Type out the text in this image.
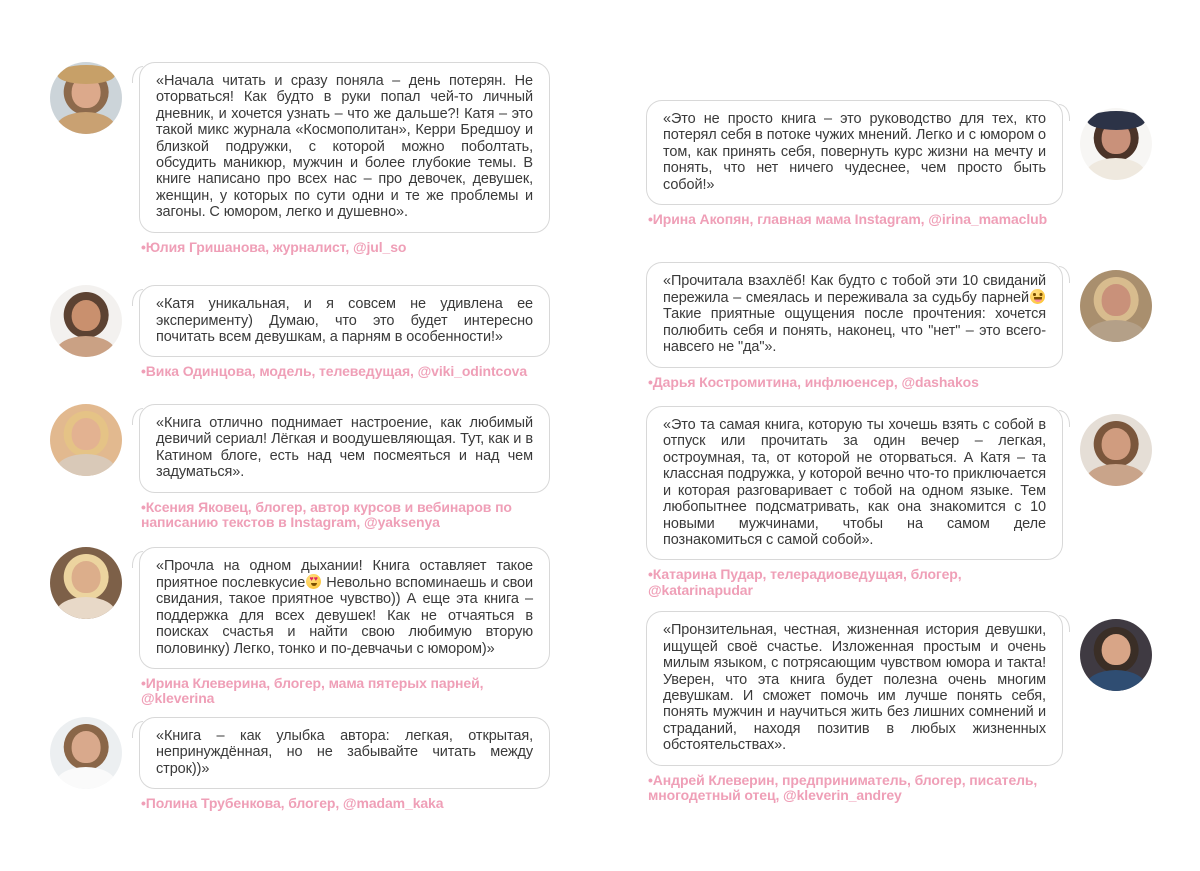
«Начала читать и сразу поняла – день потерян. Не оторваться! Как будто в руки попал чей-то личный дневник, и хочется узнать – что же дальше?! Катя – это такой микс журнала «Космополитан», Керри Бредшоу и близкой подружки, с которой можно поболтать, обсудить маникюр, мужчин и более глубокие темы. В книге написано про всех нас – про девочек, девушек, женщин, у которых по сути одни и те же проблемы и загоны. С юмором, легко и душевно».

•Юлия Гришанова, журналист, @jul_so

«Катя уникальная, и я совсем не удивлена ее эксперименту) Думаю, что это будет интересно почитать всем девушкам, а парням в особенности!»

•Вика Одинцова, модель, телеведущая, @viki_odintcova

«Книга отлично поднимает настроение, как любимый девичий сериал! Лёгкая и воодушевляющая. Тут, как и в Катином блоге, есть над чем посмеяться и над чем задуматься».

•Ксения Яковец, блогер, автор курсов и вебинаров по написанию текстов в Instagram, @yaksenya

«Прочла на одном дыхании! Книга оставляет такое приятное послевкусие♥♥ Невольно вспоминаешь и свои свидания, такое приятное чувство)) А еще эта книга – поддержка для всех девушек! Как не отчаяться в поисках счастья и найти свою любимую вторую половинку) Легко, тонко и по-девчачьи с юмором)»

•Ирина Клеверина, блогер, мама пятерых парней, @kleverina

«Книга – как улыбка автора: легкая, открытая, непринуждённая, но не забывайте читать между строк))»

•Полина Трубенкова, блогер, @madam_kaka

«Это не просто книга – это руководство для тех, кто потерял себя в потоке чужих мнений. Легко и с юмором о том, как принять себя, повернуть курс жизни на мечту и понять, что нет ничего чудеснее, чем просто быть собой!»

•Ирина Акопян, главная мама Instagram, @irina_mamaclub

«Прочитала взахлёб! Как будто с тобой эти 10 свиданий пережила – смеялась и переживала за судьбу парней Такие приятные ощущения после прочтения: хочется полюбить себя и понять, наконец, что "нет" – это всего-навсего не "да"».

•Дарья Костромитина, инфлюенсер, @dashakos

«Это та самая книга, которую ты хочешь взять с собой в отпуск или прочитать за один вечер – легкая, остроумная, та, от которой не оторваться. А Катя – та классная подружка, у которой вечно что-то приключается и которая разговаривает с тобой на одном языке. Тем любопытнее подсматривать, как она знакомится с 10 новыми мужчинами, чтобы на самом деле познакомиться с самой собой».

•Катарина Пудар, телерадиоведущая, блогер, @katarinapudar

«Пронзительная, честная, жизненная история девушки, ищущей своё счастье. Изложенная простым и очень милым языком, с потрясающим чувством юмора и такта! Уверен, что эта книга будет полезна очень многим девушкам. И сможет помочь им лучше понять себя, понять мужчин и научиться жить без лишних сомнений и страданий, находя позитив в любых жизненных обстоятельствах».

•Андрей Клеверин, предприниматель, блогер, писатель, многодетный отец, @kleverin_andrey
